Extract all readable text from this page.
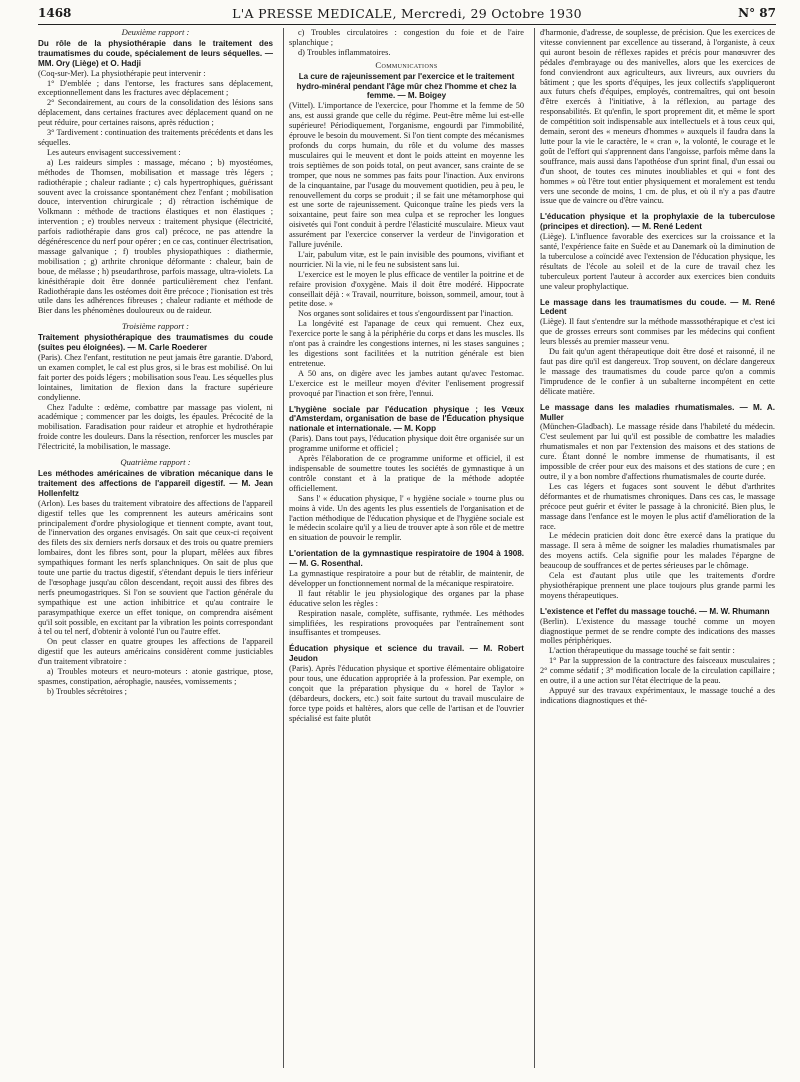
1468	L'A PRESSE MEDICALE, Mercredi, 29 Octobre 1930	N° 87
Deuxième rapport :
Du rôle de la physiothérapie dans le traitement des traumatismes du coude, spécialement de leurs séquelles. — MM. Ory (Liège) et O. Hadji

(Coq-sur-Mer). La physiothérapie peut intervenir :

1° D'emblée ; dans l'entorse, les fractures sans déplacement, exceptionnellement dans les fractures avec déplacement ;

2° Secondairement, au cours de la consolidation des lésions sans déplacement, dans certaines fractures avec déplacement quand on ne peut réduire, pour certaines raisons, après réduction ;

3° Tardivement : continuation des traitements précédents et dans les séquelles.

Les auteurs envisagent successivement :

a) Les raideurs simples : massage, mécano ; b) myostéomes, méthodes de Thomsen, mobilisation et massage très légers ; radiothérapie ; chaleur radiante ; c) cals hypertrophiques, guérissant souvent avec la croissance spontanément chez l'enfant ; mobilisation douce, intervention chirurgicale ; d) rétraction ischémique de Volkmann : méthode de tractions élastiques et non élastiques ; intervention ; e) troubles nerveux : traitement physique (électricité, parfois radiothérapie dans gros cal) précoce, ne pas attendre la dégénérescence du nerf pour opérer ; en ce cas, continuer électrisation, massage galvanique ; f) troubles physiopathiques : diathermie, mobilisation ; g) arthrite chronique déformante : chaleur, bain de boue, de mélasse ; h) pseudarthrose, parfois massage, ultra-violets. La kinésithérapie doit être donnée particulièrement chez l'enfant. Radiothérapie dans les ostéomes doit être précoce ; l'ionisation est très utile dans les adhérences fibreuses ; chaleur radiante et méthode de Bier dans les phénomènes douloureux ou de raideur.

Troisième rapport :
Traitement physiothérapique des traumatismes du coude (suites peu éloignées). — M. Carle Roederer

(Paris). Chez l'enfant, restitution ne peut jamais être garantie. D'abord, un examen complet, le cal est plus gros, si le bras est mobilisé. On lui fait porter des poids légers ; mobilisation sous l'eau. Les séquelles plus lointaines, limitation de flexion dans la fracture supérieure condylienne.

Chez l'adulte : œdème, combattre par massage pas violent, ni académique ; commencer par les doigts, les épaules. Précocité de la mobilisation. Faradisation pour raideur et atrophie et hydrothérapie froide contre les douleurs. Dans la résection, renforcer les muscles par l'électricité, la mobilisation, le massage.

Quatrième rapport :
Les méthodes américaines de vibration mécanique dans le traitement des affections de l'appareil digestif. — M. Jean Hollenfeltz

(Arlon). Les bases du traitement vibratoire des affections de l'appareil digestif telles que les comprennent les auteurs américains sont principalement d'ordre physiologique et tiennent compte, avant tout, de l'innervation des organes envisagés. On sait que ceux-ci reçoivent des filets des six derniers nerfs dorsaux et des trois ou quatre premiers lombaires, dont les fibres sont, pour la plupart, mêlées aux fibres sympathiques formant les nerfs splanchniques. On sait de plus que toute une partie du tractus digestif, s'étendant depuis le tiers inférieur de l'œsophage jusqu'au côlon descendant, reçoit aussi des fibres des nerfs pneumogastriques. Si l'on se souvient que l'action générale du sympathique est une action inhibitrice et qu'au contraire le parasympathique exerce un effet tonique, on comprendra aisément qu'il soit possible, en excitant par la vibration les points correspondant à tel ou tel nerf, d'obtenir à volonté l'un ou l'autre effet.

On peut classer en quatre groupes les affections de l'appareil digestif que les auteurs américains considèrent comme justiciables d'un traitement vibratoire :

a) Troubles moteurs et neuro-moteurs : atonie gastrique, ptose, spasmes, constipation, aérophagie, nausées, vomissements ;

b) Troubles sécrétoires ;

c) Troubles circulatoires : congestion du foie et de l'aire splanchique ;

d) Troubles inflammatoires.

Communications
La cure de rajeunissement par l'exercice et le traitement hydro-minéral pendant l'âge mûr chez l'homme et chez la femme. — M. Boigey

(Vittel). L'importance de l'exercice, pour l'homme et la femme de 50 ans, est aussi grande que celle du régime. Peut-être même lui est-elle supérieure! Périodiquement, l'organisme, engourdi par l'immobilité, éprouve le besoin du mouvement. Si l'on tient compte des mécanismes profonds du corps humain, du rôle et du volume des masses musculaires qui le meuvent et dont le poids atteint en moyenne les trois septièmes de son poids total, on peut avancer, sans crainte de se tromper, que nous ne sommes pas faits pour l'inaction. Aux environs de la cinquantaine, par l'usage du mouvement quotidien, peu à peu, le renouvellement du corps se produit ; il se fait une métamorphose qui est une sorte de rajeunissement. Quiconque traîne les pieds vers la soixantaine, peut faire son mea culpa et se reprocher les longues oisivetés qui l'ont conduit à perdre l'élasticité musculaire. Mieux vaut assurément par l'exercice conserver la verdeur de l'invigoration et l'allure juvénile.

L'air, pabulum vitæ, est le pain invisible des poumons, vivifiant et nourricier. Ni la vie, ni le feu ne subsistent sans lui.

L'exercice est le moyen le plus efficace de ventiler la poitrine et de refaire provision d'oxygène. Mais il doit être modéré. Hippocrate conseillait déjà : « Travail, nourriture, boisson, sommeil, amour, tout à petite dose. »

Nos organes sont solidaires et tous s'engourdissent par l'inaction.

La longévité est l'apanage de ceux qui remuent. Chez eux, l'exercice porte le sang à la périphérie du corps et dans les muscles. Ils n'ont pas à craindre les congestions internes, ni les stases sanguines ; les digestions sont facilitées et la nutrition générale est bien entretenue.

A 50 ans, on digère avec les jambes autant qu'avec l'estomac. L'exercice est le meilleur moyen d'éviter l'enlisement progressif provoqué par l'inaction et son frère, l'ennui.

L'hygiène sociale par l'éducation physique ; les Vœux d'Amsterdam, organisation de base de l'Éducation physique nationale et internationale. — M. Kopp

(Paris). Dans tout pays, l'éducation physique doit être organisée sur un programme uniforme et officiel ;

Après l'élaboration de ce programme uniforme et officiel, il est indispensable de soumettre toutes les sociétés de gymnastique à un contrôle constant et à la pratique de la méthode adoptée officiellement.

Sans l' « éducation physique, l' « hygiène sociale » tourne plus ou moins à vide. Un des agents les plus essentiels de l'organisation et de l'action méthodique de l'éducation physique et de l'hygiène sociale est le médecin scolaire qu'il y a lieu de trouver apte à son rôle et de mettre en situation de pouvoir le remplir.

L'orientation de la gymnastique respiratoire de 1904 à 1908. — M. G. Rosenthal.

La gymnastique respiratoire a pour but de rétablir, de maintenir, de développer un fonctionnement normal de la mécanique respiratoire.

Il faut rétablir le jeu physiologique des organes par la phase éducative selon les règles :

Respiration nasale, complète, suffisante, rythmée. Les méthodes simplifiées, les respirations provoquées par l'entraînement sont insuffisantes et trompeuses.

Éducation physique et science du travail. — M. Robert Jeudon

(Paris). Après l'éducation physique et sportive élémentaire obligatoire pour tous, une éducation appropriée à la profession. Par exemple, on conçoit que la préparation physique du « horel de Taylor » (débardeurs, dockers, etc.) soit faite surtout du travail musculaire de force type poids et haltères, alors que celle de l'artisan et de l'ouvrier spécialisé est faite plutôt

d'harmonie, d'adresse, de souplesse, de précision. Que les exercices de vitesse conviennent par excellence au tisserand, à l'organiste, à ceux qui auront besoin de réflexes rapides et précis pour manœuvrer des pédales d'embrayage ou des manivelles, alors que les exercices de fond conviendront aux agriculteurs, aux livreurs, aux ouvriers du bâtiment ; que les sports d'équipes, les jeux collectifs s'appliqueront aux futurs chefs d'équipes, employés, contremaîtres, qui ont besoin d'être exercés à l'initiative, à la réflexion, au partage des responsabilités. Et qu'enfin, le sport proprement dit, et même le sport de compétition soit indispensable aux intellectuels et à tous ceux qui, demain, seront des « meneurs d'hommes » auxquels il faudra dans la lutte pour la vie le caractère, le « cran », la volonté, le courage et le goût de l'effort qui s'apprennent dans l'angoisse, parfois même dans la souffrance, mais aussi dans l'apothéose d'un sprint final, d'un essai ou d'un shoot, de toutes ces minutes inoubliables et qui « font des hommes » où l'être tout entier physiquement et moralement est tendu vers une seconde de moins, 1 cm. de plus, et où il n'y a pas d'autre issue que de vaincre ou d'être vaincu.

L'éducation physique et la prophylaxie de la tuberculose (principes et direction). — M. René Ledent

(Liège). L'influence favorable des exercices sur la croissance et la santé, l'expérience faite en Suède et au Danemark où la diminution de la tuberculose a coïncidé avec l'extension de l'éducation physique, les résultats de l'école au soleil et de la cure de travail chez les tuberculeux portent l'auteur à accorder aux exercices bien conduits une valeur prophylactique.

Le massage dans les traumatismes du coude. — M. René Ledent

(Liège). Il faut s'entendre sur la méthode masssothérapique et c'est ici que de grosses erreurs sont commises par les médecins qui confient leurs blessés au premier masseur venu.

Du fait qu'un agent thérapeutique doit être dosé et raisonné, il ne faut pas dire qu'il est dangereux. Trop souvent, on déclare dangereux le massage des traumatismes du coude parce qu'on a commis l'imprudence de le confier à un subalterne incompétent en cette délicate matière.

Le massage dans les maladies rhumatismales. — M. A. Muller

(München-Gladbach). Le massage réside dans l'habileté du médecin. C'est seulement par lui qu'il est possible de combattre les maladies rhumatismales et non par l'extension des maisons et des stations de cure. Étant donné le nombre immense de rhumatisants, il est impossible de créer pour eux des maisons et des stations de cure ; en outre, il y a bon nombre d'affections rhumatismales de courte durée.

Les cas légers et fugaces sont souvent le début d'arthrites déformantes et de rhumatismes chroniques. Dans ces cas, le massage précoce peut guérir et éviter le passage à la chronicité. Bien plus, le massage dans l'enfance est le moyen le plus actif d'amélioration de la race.

Le médecin praticien doit donc être exercé dans la pratique du massage. Il sera à même de soigner les maladies rhumatismales par des moyens actifs. Cela signifie pour les malades l'épargne de beaucoup de souffrances et de pertes sérieuses par le chômage.

Cela est d'autant plus utile que les traitements d'ordre physiothérapique prennent une place toujours plus grande parmi les moyens thérapeutiques.

L'existence et l'effet du massage touché. — M. W. Rhumann

(Berlin). L'existence du massage touché comme un moyen diagnostique permet de se rendre compte des indications des masses molles périphériques.

L'action thérapeutique du massage touché se fait sentir :

1° Par la suppression de la contracture des faisceaux musculaires ; 2° comme sédatif ; 3° modification locale de la circulation capillaire ; en outre, il a une action sur l'état électrique de la peau.

Appuyé sur des travaux expérimentaux, le massage touché a des indications diagnostiques et thé-
